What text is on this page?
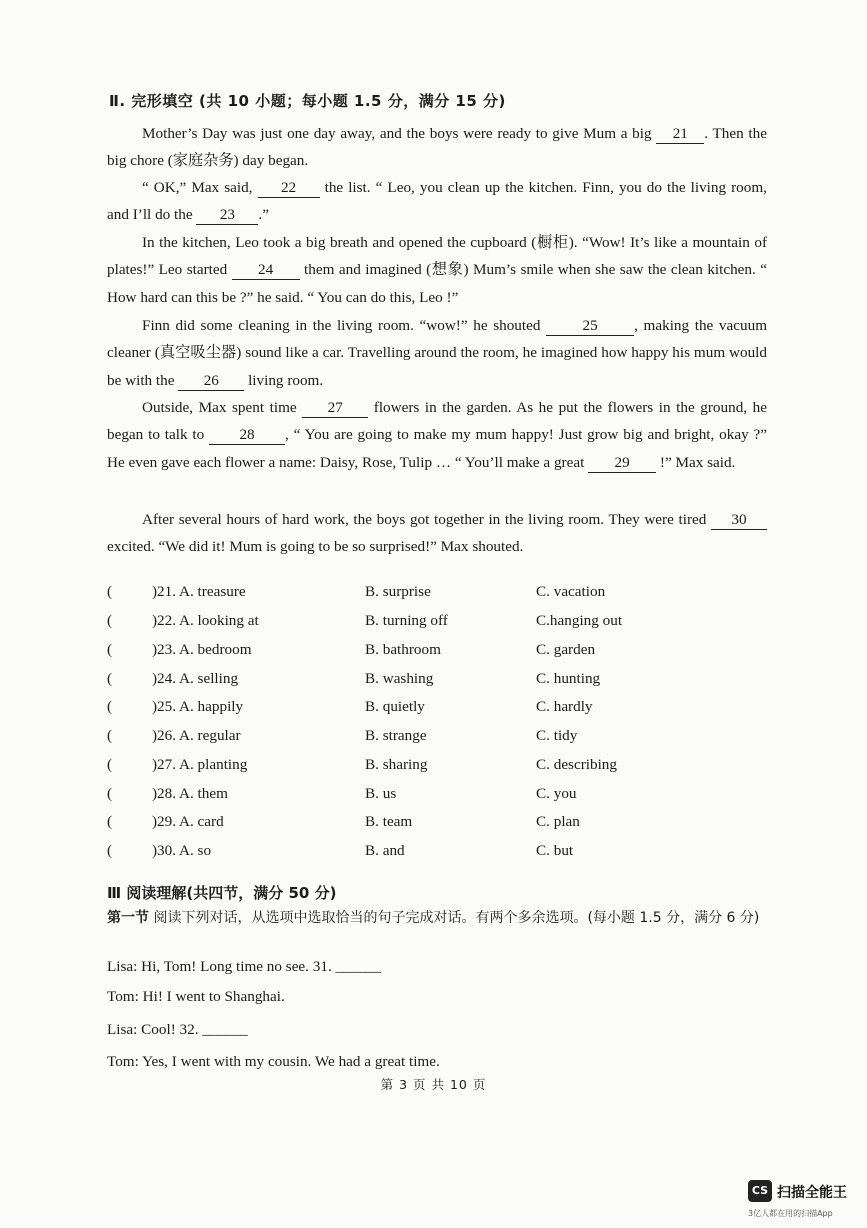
Ⅱ. 完形填空 (共 10 小题；每小题 1.5 分，满分 15 分)
Mother’s Day was just one day away, and the boys were ready to give Mum a big 21 . Then the big chore (家庭杂务) day began.
“ OK,” Max said, 22 the list. “ Leo, you clean up the kitchen. Finn, you do the living room, and I’ll do the 23 .”
In the kitchen, Leo took a big breath and opened the cupboard (橱柜). “Wow! It’s like a mountain of plates!” Leo started 24 them and imagined (想象) Mum’s smile when she saw the clean kitchen. “ How hard can this be ?” he said. “ You can do this, Leo !”
Finn did some cleaning in the living room. “wow!” he shouted 25 , making the vacuum cleaner (真空吸尘器) sound like a car. Travelling around the room, he imagined how happy his mum would be with the 26 living room.
Outside, Max spent time 27 flowers in the garden. As he put the flowers in the ground, he began to talk to 28 , “ You are going to make my mum happy! Just grow big and bright, okay ?” He even gave each flower a name: Daisy, Rose, Tulip … “ You’ll make a great 29 !” Max said.
After several hours of hard work, the boys got together in the living room. They were tired 30 excited. “We did it! Mum is going to be so surprised!” Max shouted.
(	)21. A. treasure	B. surprise	C. vacation
(	)22. A. looking at	B. turning off	C.hanging out
(	)23. A. bedroom	B. bathroom	C. garden
(	)24. A. selling	B. washing	C. hunting
(	)25. A. happily	B. quietly	C. hardly
(	)26. A. regular	B. strange	C. tidy
(	)27. A. planting	B. sharing	C. describing
(	)28. A. them	B. us	C. you
(	)29. A. card	B. team	C. plan
(	)30. A. so	B. and	C. but
Ⅲ 阅读理解(共四节，满分 50 分)
第一节 阅读下列对话，从选项中选取恰当的句子完成对话。有两个多余选项。(每小题 1.5 分，满分 6 分)
Lisa: Hi, Tom! Long time no see. 31. ______
Tom: Hi! I went to Shanghai.
Lisa: Cool! 32. ______
Tom: Yes, I went with my cousin. We had a great time.
第 3 页 共 10 页
CS 扫描全能王
3亿人都在用的扫描App
